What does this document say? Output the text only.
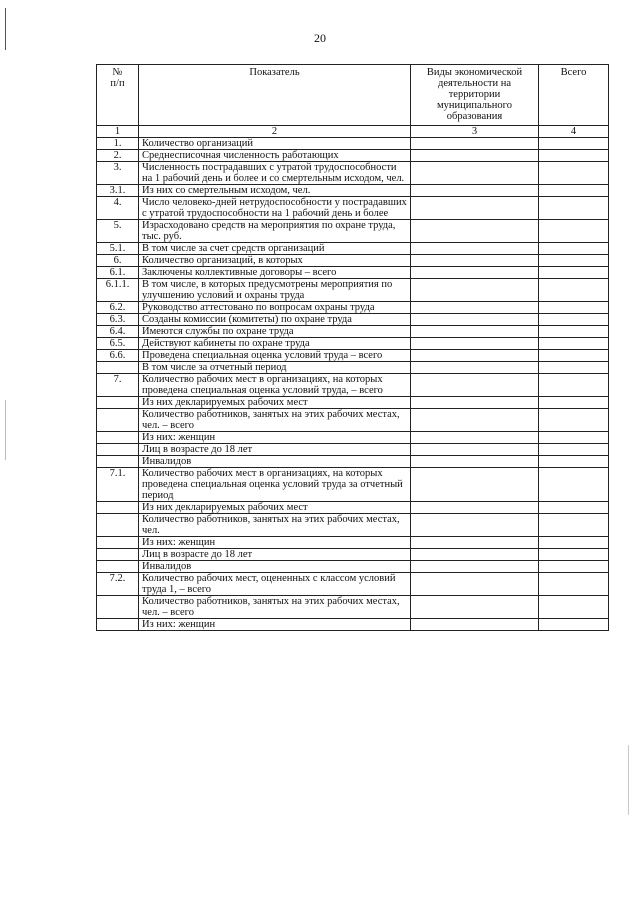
20
№
п/п	Показатель	Виды экономической деятельности на территории муниципального образования	Всего
1	2	3	4
1.	Количество организаций		
2.	Среднесписочная численность работающих		
3.	Численность пострадавших с утратой трудоспособности на 1 рабочий день и более и со смертельным исходом, чел.		
3.1.	Из них со смертельным исходом, чел.		
4.	Число человеко-дней нетрудоспособности у пострадавших с утратой трудоспособности на 1 рабочий день и более		
5.	Израсходовано средств на мероприятия по охране труда, тыс. руб.		
5.1.	В том числе за счет средств организаций		
6.	Количество организаций, в которых		
6.1.	Заключены коллективные договоры – всего		
6.1.1.	В том числе, в которых предусмотрены мероприятия по улучшению условий и охраны труда		
6.2.	Руководство аттестовано по вопросам охраны труда		
6.3.	Созданы комиссии (комитеты) по охране труда		
6.4.	Имеются службы по охране труда		
6.5.	Действуют кабинеты по охране труда		
6.6.	Проведена специальная оценка условий труда – всего		
	В том числе за отчетный период		
7.	Количество рабочих мест в организациях, на которых проведена специальная оценка условий труда, – всего		
	Из них декларируемых рабочих мест		
	Количество работников, занятых на этих рабочих местах, чел. – всего		
	Из них: женщин		
	Лиц в возрасте до 18 лет		
	Инвалидов		
7.1.	Количество рабочих мест в организациях, на которых проведена специальная оценка условий труда за отчетный период		
	Из них декларируемых рабочих мест		
	Количество работников, занятых на этих рабочих местах, чел.		
	Из них: женщин		
	Лиц в возрасте до 18 лет		
	Инвалидов		
7.2.	Количество рабочих мест, оцененных с классом условий труда 1, – всего		
	Количество работников, занятых на этих рабочих местах, чел. – всего		
	Из них: женщин		
